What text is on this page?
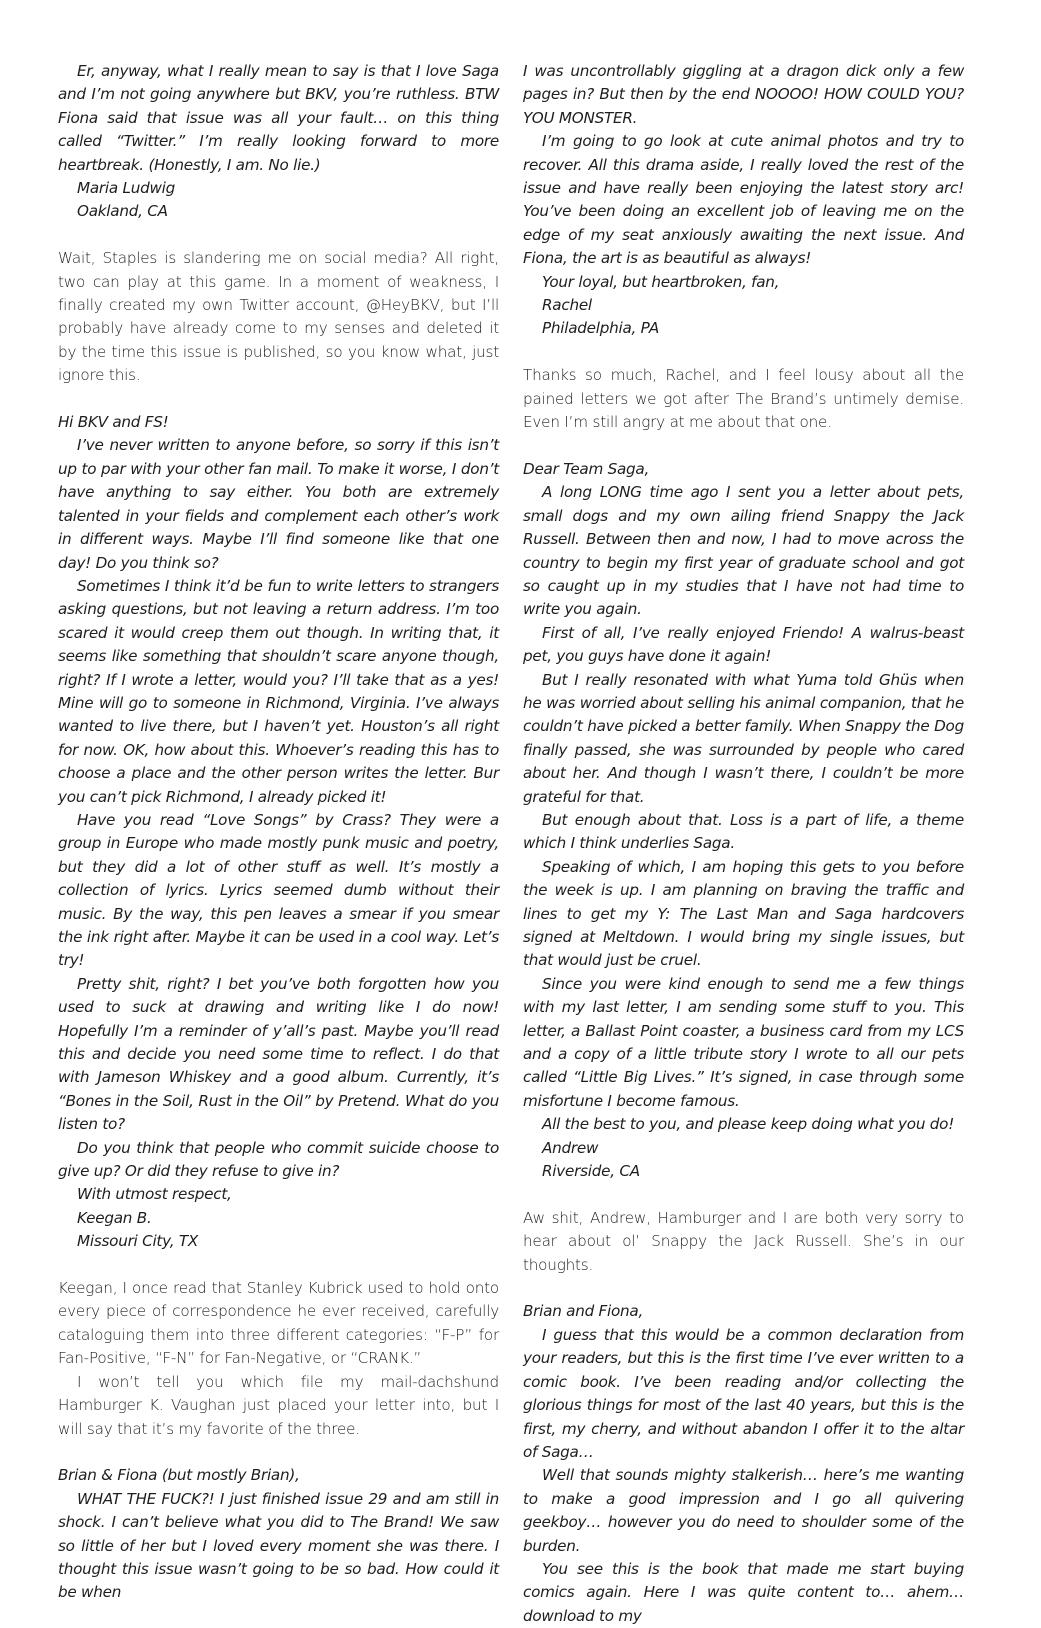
Er, anyway, what I really mean to say is that I love Saga and I’m not going anywhere but BKV, you’re ruthless. BTW Fiona said that issue was all your fault… on this thing called “Twitter.” I’m really looking forward to more heartbreak. (Honestly, I am. No lie.)

Maria Ludwig

Oakland, CA

Wait, Staples is slandering me on social media? All right, two can play at this game. In a moment of weakness, I finally created my own Twitter account, @HeyBKV, but I’ll probably have already come to my senses and deleted it by the time this issue is published, so you know what, just ignore this.

Hi BKV and FS!

I’ve never written to anyone before, so sorry if this isn’t up to par with your other fan mail. To make it worse, I don’t have anything to say either. You both are extremely talented in your fields and complement each other’s work in different ways. Maybe I’ll find someone like that one day! Do you think so?

Sometimes I think it’d be fun to write letters to strangers asking questions, but not leaving a return address. I’m too scared it would creep them out though. In writing that, it seems like something that shouldn’t scare anyone though, right? If I wrote a letter, would you? I’ll take that as a yes! Mine will go to someone in Richmond, Virginia. I’ve always wanted to live there, but I haven’t yet. Houston’s all right for now. OK, how about this. Whoever’s reading this has to choose a place and the other person writes the letter. Bur you can’t pick Richmond, I already picked it!

Have you read “Love Songs” by Crass? They were a group in Europe who made mostly punk music and poetry, but they did a lot of other stuff as well. It’s mostly a collection of lyrics. Lyrics seemed dumb without their music. By the way, this pen leaves a smear if you smear the ink right after. Maybe it can be used in a cool way. Let’s try!

Pretty shit, right? I bet you’ve both forgotten how you used to suck at drawing and writing like I do now! Hopefully I’m a reminder of y’all’s past. Maybe you’ll read this and decide you need some time to reflect. I do that with Jameson Whiskey and a good album. Currently, it’s “Bones in the Soil, Rust in the Oil” by Pretend. What do you listen to?

Do you think that people who commit suicide choose to give up? Or did they refuse to give in?

With utmost respect,

Keegan B.

Missouri City, TX

Keegan, I once read that Stanley Kubrick used to hold onto every piece of correspondence he ever received, carefully cataloguing them into three different categories: “F-P” for Fan-Positive, “F-N” for Fan-Negative, or “CRANK.”

I won’t tell you which file my mail-dachshund Hamburger K. Vaughan just placed your letter into, but I will say that it’s my favorite of the three.

Brian & Fiona (but mostly Brian),

WHAT THE FUCK?! I just finished issue 29 and am still in shock. I can’t believe what you did to The Brand! We saw so little of her but I loved every moment she was there. I thought this issue wasn’t going to be so bad. How could it be when

I was uncontrollably giggling at a dragon dick only a few pages in? But then by the end NOOOO! HOW COULD YOU? YOU MONSTER.

I’m going to go look at cute animal photos and try to recover. All this drama aside, I really loved the rest of the issue and have really been enjoying the latest story arc! You’ve been doing an excellent job of leaving me on the edge of my seat anxiously awaiting the next issue. And Fiona, the art is as beautiful as always!

Your loyal, but heartbroken, fan,

Rachel

Philadelphia, PA

Thanks so much, Rachel, and I feel lousy about all the pained letters we got after The Brand’s untimely demise. Even I’m still angry at me about that one.

Dear Team Saga,

A long LONG time ago I sent you a letter about pets, small dogs and my own ailing friend Snappy the Jack Russell. Between then and now, I had to move across the country to begin my first year of graduate school and got so caught up in my studies that I have not had time to write you again.

First of all, I’ve really enjoyed Friendo! A walrus-beast pet, you guys have done it again!

But I really resonated with what Yuma told Ghüs when he was worried about selling his animal companion, that he couldn’t have picked a better family. When Snappy the Dog finally passed, she was surrounded by people who cared about her. And though I wasn’t there, I couldn’t be more grateful for that.

But enough about that. Loss is a part of life, a theme which I think underlies Saga.

Speaking of which, I am hoping this gets to you before the week is up. I am planning on braving the traffic and lines to get my Y: The Last Man and Saga hardcovers signed at Meltdown. I would bring my single issues, but that would just be cruel.

Since you were kind enough to send me a few things with my last letter, I am sending some stuff to you. This letter, a Ballast Point coaster, a business card from my LCS and a copy of a little tribute story I wrote to all our pets called “Little Big Lives.” It’s signed, in case through some misfortune I become famous.

All the best to you, and please keep doing what you do!

Andrew

Riverside, CA

Aw shit, Andrew, Hamburger and I are both very sorry to hear about ol’ Snappy the Jack Russell. She’s in our thoughts.

Brian and Fiona,

I guess that this would be a common declaration from your readers, but this is the first time I’ve ever written to a comic book. I’ve been reading and/or collecting the glorious things for most of the last 40 years, but this is the first, my cherry, and without abandon I offer it to the altar of Saga…

Well that sounds mighty stalkerish… here’s me wanting to make a good impression and I go all quivering geekboy… however you do need to shoulder some of the burden.

You see this is the book that made me start buying comics again. Here I was quite content to… ahem… download to my
